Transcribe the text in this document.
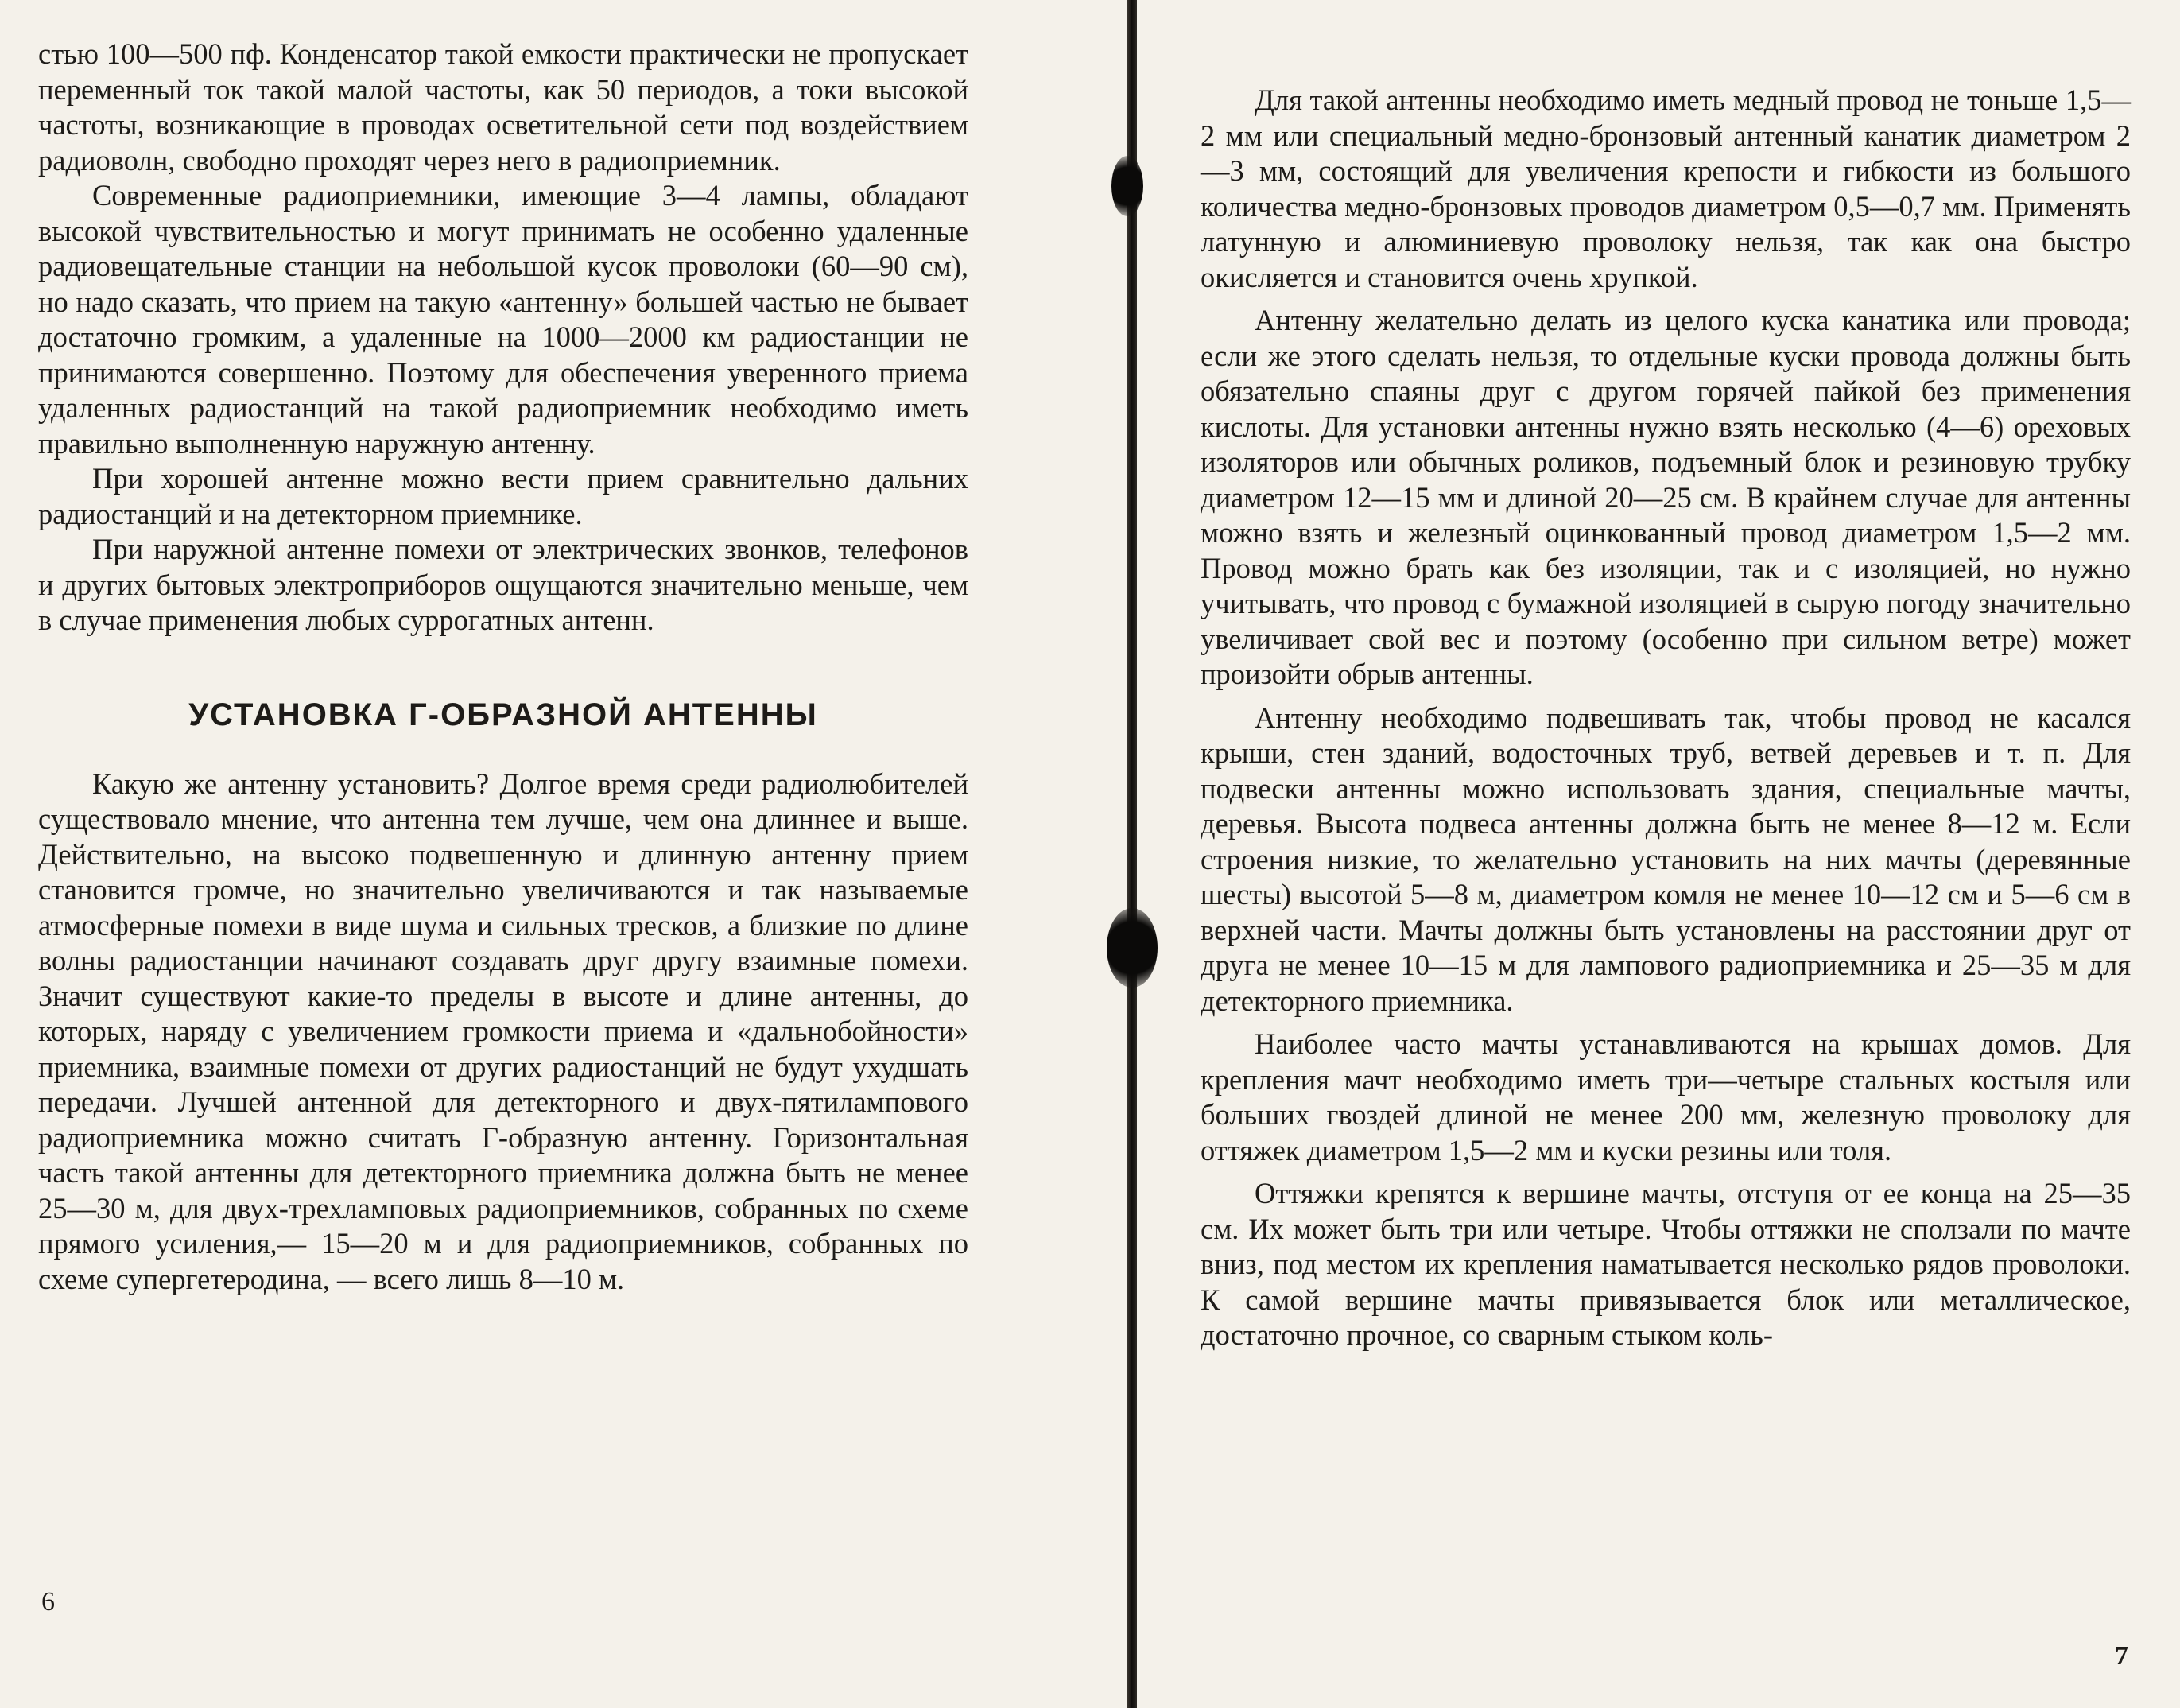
стью 100—500 пф. Конденсатор такой емкости практически не пропускает переменный ток такой малой частоты, как 50 периодов, а токи высокой частоты, возникающие в проводах осветительной сети под воздействием радиоволн, свободно проходят через него в радиоприемник.

Современные радиоприемники, имеющие 3—4 лампы, обладают высокой чувствительностью и могут принимать не особенно удаленные радиовещательные станции на небольшой кусок проволоки (60—90 см), но надо сказать, что прием на такую «антенну» большей частью не бывает достаточно громким, а удаленные на 1000—2000 км радиостанции не принимаются совершенно. Поэтому для обеспечения уверенного приема удаленных радиостанций на такой радиоприемник необходимо иметь правильно выполненную наружную антенну.

При хорошей антенне можно вести прием сравнительно дальних радиостанций и на детекторном приемнике.

При наружной антенне помехи от электрических звонков, телефонов и других бытовых электроприборов ощущаются значительно меньше, чем в случае применения любых суррогатных антенн.

УСТАНОВКА Г-ОБРАЗНОЙ АНТЕННЫ

Какую же антенну установить? Долгое время среди радиолюбителей существовало мнение, что антенна тем лучше, чем она длиннее и выше. Действительно, на высоко подвешенную и длинную антенну прием становится громче, но значительно увеличиваются и так называемые атмосферные помехи в виде шума и сильных тресков, а близкие по длине волны радиостанции начинают создавать друг другу взаимные помехи. Значит существуют какие-то пределы в высоте и длине антенны, до которых, наряду с увеличением громкости приема и «дальнобойности» приемника, взаимные помехи от других радиостанций не будут ухудшать передачи. Лучшей антенной для детекторного и двух-пятилампового радиоприемника можно считать Г-образную антенну. Горизонтальная часть такой антенны для детекторного приемника должна быть не менее 25—30 м, для двух-трехламповых радиоприемников, собранных по схеме прямого усиления,— 15—20 м и для радиоприемников, собранных по схеме супергетеродина, — всего лишь 8—10 м.

6

Для такой антенны необходимо иметь медный провод не тоньше 1,5—2 мм или специальный медно-бронзовый антенный канатик диаметром 2—3 мм, состоящий для увеличения крепости и гибкости из большого количества медно-бронзовых проводов диаметром 0,5—0,7 мм. Применять латунную и алюминиевую проволоку нельзя, так как она быстро окисляется и становится очень хрупкой.

Антенну желательно делать из целого куска канатика или провода; если же этого сделать нельзя, то отдельные куски провода должны быть обязательно спаяны друг с другом горячей пайкой без применения кислоты. Для установки антенны нужно взять несколько (4—6) ореховых изоляторов или обычных роликов, подъемный блок и резиновую трубку диаметром 12—15 мм и длиной 20—25 см. В крайнем случае для антенны можно взять и железный оцинкованный провод диаметром 1,5—2 мм. Провод можно брать как без изоляции, так и с изоляцией, но нужно учитывать, что провод с бумажной изоляцией в сырую погоду значительно увеличивает свой вес и поэтому (особенно при сильном ветре) может произойти обрыв антенны.

Антенну необходимо подвешивать так, чтобы провод не касался крыши, стен зданий, водосточных труб, ветвей деревьев и т. п. Для подвески антенны можно использовать здания, специальные мачты, деревья. Высота подвеса антенны должна быть не менее 8—12 м. Если строения низкие, то желательно установить на них мачты (деревянные шесты) высотой 5—8 м, диаметром комля не менее 10—12 см и 5—6 см в верхней части. Мачты должны быть установлены на расстоянии друг от друга не менее 10—15 м для лампового радиоприемника и 25—35 м для детекторного приемника.

Наиболее часто мачты устанавливаются на крышах домов. Для крепления мачт необходимо иметь три—четыре стальных костыля или больших гвоздей длиной не менее 200 мм, железную проволоку для оттяжек диаметром 1,5—2 мм и куски резины или толя.

Оттяжки крепятся к вершине мачты, отступя от ее конца на 25—35 см. Их может быть три или четыре. Чтобы оттяжки не сползали по мачте вниз, под местом их крепления наматывается несколько рядов проволоки. К самой вершине мачты привязывается блок или металлическое, достаточно прочное, со сварным стыком коль-

7
